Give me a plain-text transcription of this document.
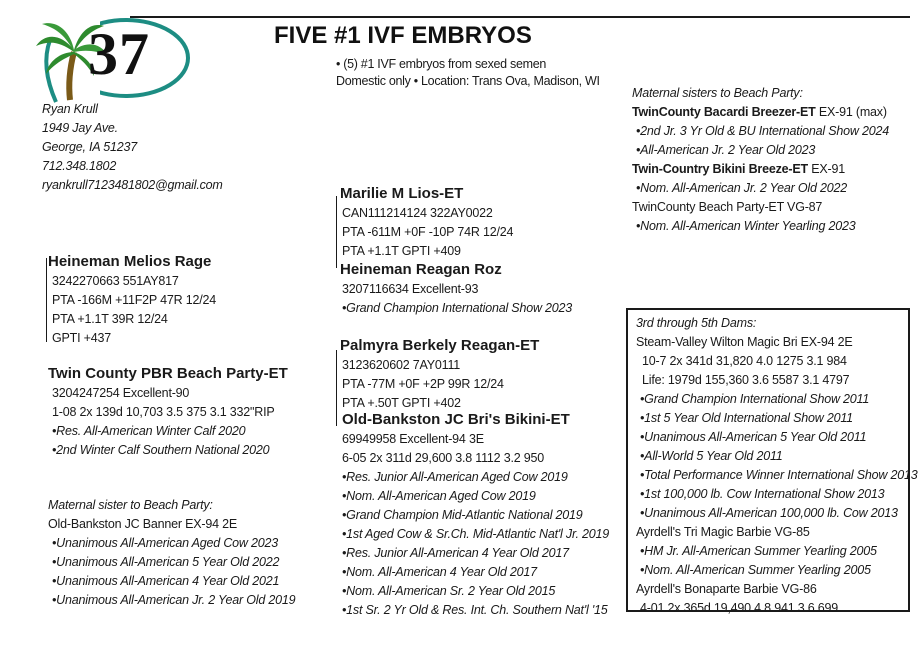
37	FIVE #1 IVF EMBRYOS
• (5) #1 IVF embryos from sexed semen
Domestic only • Location: Trans Ova, Madison, WI
Ryan Krull
1949 Jay Ave.
George, IA 51237
712.348.1802
ryankrull7123481802@gmail.com
Heineman Melios Rage
3242270663 551AY817
PTA -166M +11F2P 47R 12/24
PTA +1.1T 39R 12/24
GPTI +437
Twin County PBR Beach Party-ET
3204247254 Excellent-90
1-08 2x 139d 10,703 3.5 375 3.1 332"RIP
•Res. All-American Winter Calf 2020
•2nd Winter Calf Southern National 2020
Maternal sister to Beach Party:
Old-Bankston JC Banner EX-94 2E
•Unanimous All-American Aged Cow 2023
•Unanimous All-American 5 Year Old 2022
•Unanimous All-American 4 Year Old 2021
•Unanimous All-American Jr. 2 Year Old 2019
Marilie M Lios-ET
CAN111214124 322AY0022
PTA -611M +0F -10P 74R 12/24
PTA +1.1T GPTI +409
Heineman Reagan Roz
3207116634 Excellent-93
•Grand Champion International Show 2023
Palmyra Berkely Reagan-ET
3123620602 7AY0111
PTA -77M +0F +2P 99R 12/24
PTA +.50T GPTI +402
Old-Bankston JC Bri's Bikini-ET
69949958 Excellent-94 3E
6-05 2x 311d 29,600 3.8 1112 3.2 950
•Res. Junior All-American Aged Cow 2019
•Nom. All-American Aged Cow 2019
•Grand Champion Mid-Atlantic National 2019
•1st Aged Cow & Sr.Ch. Mid-Atlantic Nat'l Jr. 2019
•Res. Junior All-American 4 Year Old 2017
•Nom. All-American 4 Year Old 2017
•Nom. All-American Sr. 2 Year Old 2015
•1st Sr. 2 Yr Old & Res. Int. Ch. Southern Nat'l '15
Maternal sisters to Beach Party:
TwinCounty Bacardi Breezer-ET EX-91 (max)
•2nd Jr. 3 Yr Old & BU International Show 2024
•All-American Jr. 2 Year Old 2023
Twin-Country Bikini Breeze-ET EX-91
•Nom. All-American Jr. 2 Year Old 2022
TwinCounty Beach Party-ET VG-87
•Nom. All-American Winter Yearling 2023
3rd through 5th Dams:
Steam-Valley Wilton Magic Bri EX-94 2E
10-7 2x 341d 31,820 4.0 1275 3.1 984
Life: 1979d 155,360 3.6 5587 3.1 4797
•Grand Champion International Show 2011
•1st 5 Year Old International Show 2011
•Unanimous All-American 5 Year Old 2011
•All-World 5 Year Old 2011
•Total Performance Winner International Show 2013
•1st 100,000 lb. Cow International Show 2013
•Unanimous All-American 100,000 lb. Cow 2013
Ayrdell's Tri Magic Barbie VG-85
•HM Jr. All-American Summer Yearling 2005
•Nom. All-American Summer Yearling 2005
Ayrdell's Bonaparte Barbie VG-86
4-01 2x 365d 19,490 4.8 941 3.6 699
